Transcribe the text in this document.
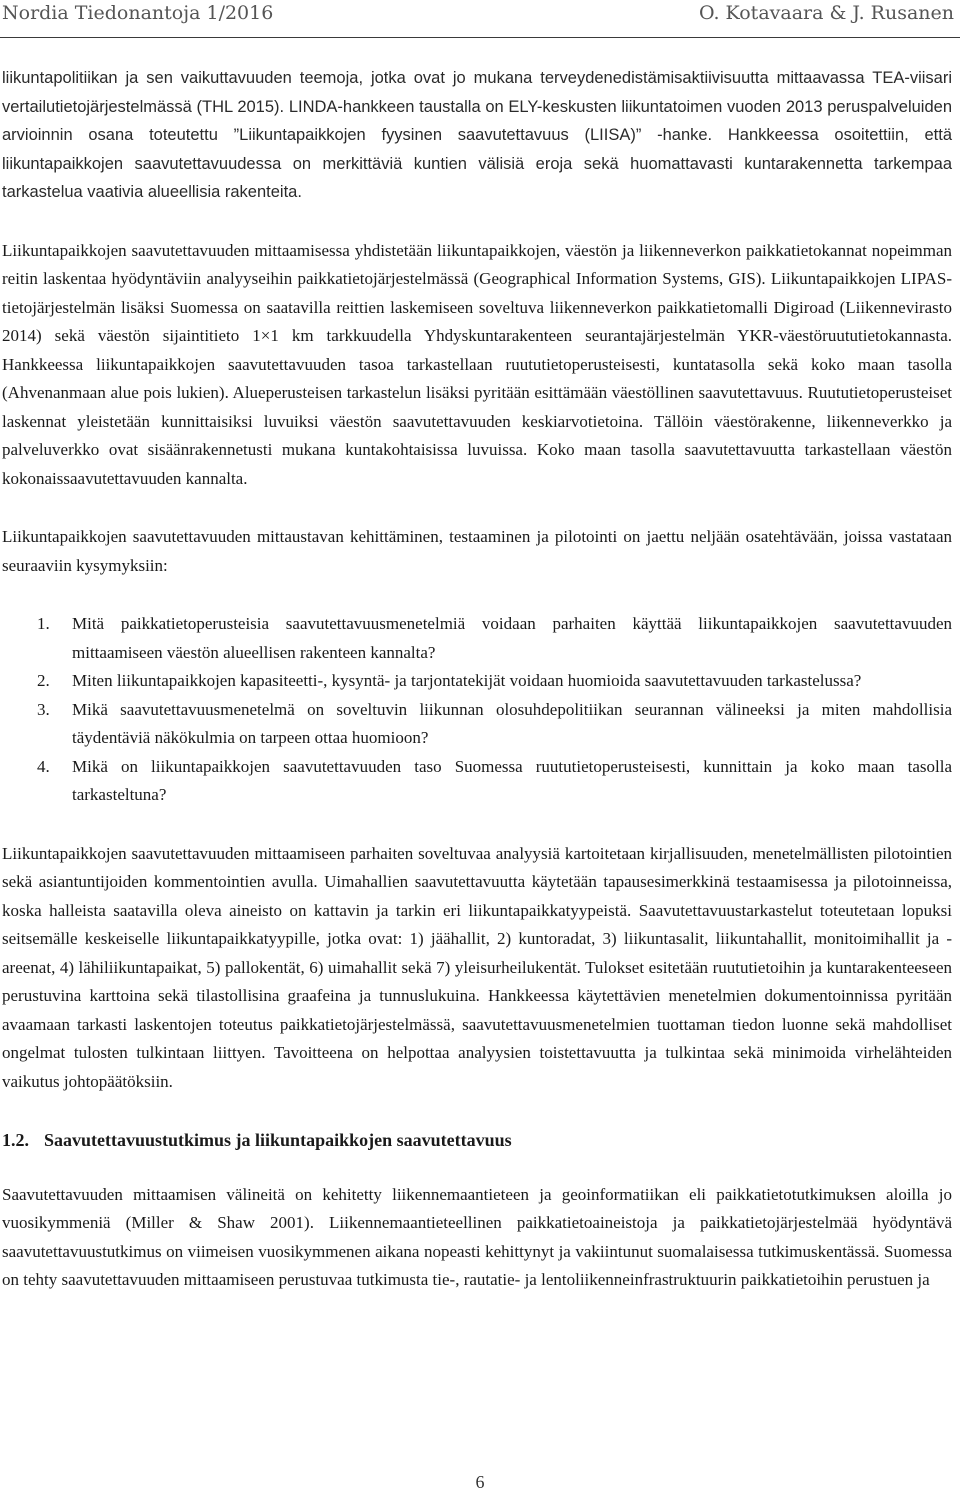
Nordia Tiedonantoja 1/2016	O. Kotavaara & J. Rusanen

liikuntapolitiikan ja sen vaikuttavuuden teemoja, jotka ovat jo mukana terveydenedistämisaktiivisuutta mittaavassa TEA-viisari vertailutietojärjestelmässä (THL 2015). LINDA-hankkeen taustalla on ELY-keskusten liikuntatoimen vuoden 2013 peruspalveluiden arvioinnin osana toteutettu ”Liikuntapaikkojen fyysinen saavutettavuus (LIISA)” -hanke. Hankkeessa osoitettiin, että liikuntapaikkojen saavutettavuudessa on merkittäviä kuntien välisiä eroja sekä huomattavasti kuntarakennetta tarkempaa tarkastelua vaativia alueellisia rakenteita.

Liikuntapaikkojen saavutettavuuden mittaamisessa yhdistetään liikuntapaikkojen, väestön ja liikenneverkon paikkatietokannat nopeimman reitin laskentaa hyödyntäviin analyyseihin paikkatietojärjestelmässä (Geographical Information Systems, GIS). Liikuntapaikkojen LIPAS-tietojärjestelmän lisäksi Suomessa on saatavilla reittien laskemiseen soveltuva liikenneverkon paikkatietomalli Digiroad (Liikennevirasto 2014) sekä väestön sijaintitieto 1×1 km tarkkuudella Yhdyskuntarakenteen seurantajärjestelmän YKR-väestöruututietokannasta. Hankkeessa liikuntapaikkojen saavutettavuuden tasoa tarkastellaan ruututietoperusteisesti, kuntatasolla sekä koko maan tasolla (Ahvenanmaan alue pois lukien). Alueperusteisen tarkastelun lisäksi pyritään esittämään väestöllinen saavutettavuus. Ruututietoperusteiset laskennat yleistetään kunnittaisiksi luvuiksi väestön saavutettavuuden keskiarvotietoina. Tällöin väestörakenne, liikenneverkko ja palveluverkko ovat sisäänrakennetusti mukana kuntakohtaisissa luvuissa. Koko maan tasolla saavutettavuutta tarkastellaan väestön kokonaissaavutettavuuden kannalta.

Liikuntapaikkojen saavutettavuuden mittaustavan kehittäminen, testaaminen ja pilotointi on jaettu neljään osatehtävään, joissa vastataan seuraaviin kysymyksiin:

1. Mitä paikkatietoperusteisia saavutettavuusmenetelmiä voidaan parhaiten käyttää liikuntapaikkojen saavutettavuuden mittaamiseen väestön alueellisen rakenteen kannalta?
2. Miten liikuntapaikkojen kapasiteetti-, kysyntä- ja tarjontatekijät voidaan huomioida saavutettavuuden tarkastelussa?
3. Mikä saavutettavuusmenetelmä on soveltuvin liikunnan olosuhdepolitiikan seurannan välineeksi ja miten mahdollisia täydentäviä näkökulmia on tarpeen ottaa huomioon?
4. Mikä on liikuntapaikkojen saavutettavuuden taso Suomessa ruututietoperusteisesti, kunnittain ja koko maan tasolla tarkasteltuna?

Liikuntapaikkojen saavutettavuuden mittaamiseen parhaiten soveltuvaa analyysiä kartoitetaan kirjallisuuden, menetelmällisten pilotointien sekä asiantuntijoiden kommentointien avulla. Uimahallien saavutettavuutta käytetään tapausesimerkkinä testaamisessa ja pilotoinneissa, koska halleista saatavilla oleva aineisto on kattavin ja tarkin eri liikuntapaikkatyypeistä. Saavutettavuustarkastelut toteutetaan lopuksi seitsemälle keskeiselle liikuntapaikkatyypille, jotka ovat: 1) jäähallit, 2) kuntoradat, 3) liikuntasalit, liikuntahallit, monitoimihallit ja -areenat, 4) lähiliikuntapaikat, 5) pallokentät, 6) uimahallit sekä 7) yleisurheilukentät. Tulokset esitetään ruututietoihin ja kuntarakenteeseen perustuvina karttoina sekä tilastollisina graafeina ja tunnuslukuina. Hankkeessa käytettävien menetelmien dokumentoinnissa pyritään avaamaan tarkasti laskentojen toteutus paikkatietojärjestelmässä, saavutettavuusmenetelmien tuottaman tiedon luonne sekä mahdolliset ongelmat tulosten tulkintaan liittyen. Tavoitteena on helpottaa analyysien toistettavuutta ja tulkintaa sekä minimoida virhelähteiden vaikutus johtopäätöksiin.

1.2. Saavutettavuustutkimus ja liikuntapaikkojen saavutettavuus

Saavutettavuuden mittaamisen välineitä on kehitetty liikennemaantieteen ja geoinformatiikan eli paikkatietotutkimuksen aloilla jo vuosikymmeniä (Miller & Shaw 2001). Liikennemaantieteellinen paikkatietoaineistoja ja paikkatietojärjestelmää hyödyntävä saavutettavuustutkimus on viimeisen vuosikymmenen aikana nopeasti kehittynyt ja vakiintunut suomalaisessa tutkimuskentässä. Suomessa on tehty saavutettavuuden mittaamiseen perustuvaa tutkimusta tie-, rautatie- ja lentoliikenneinfrastruktuurin paikkatietoihin perustuen ja

6
